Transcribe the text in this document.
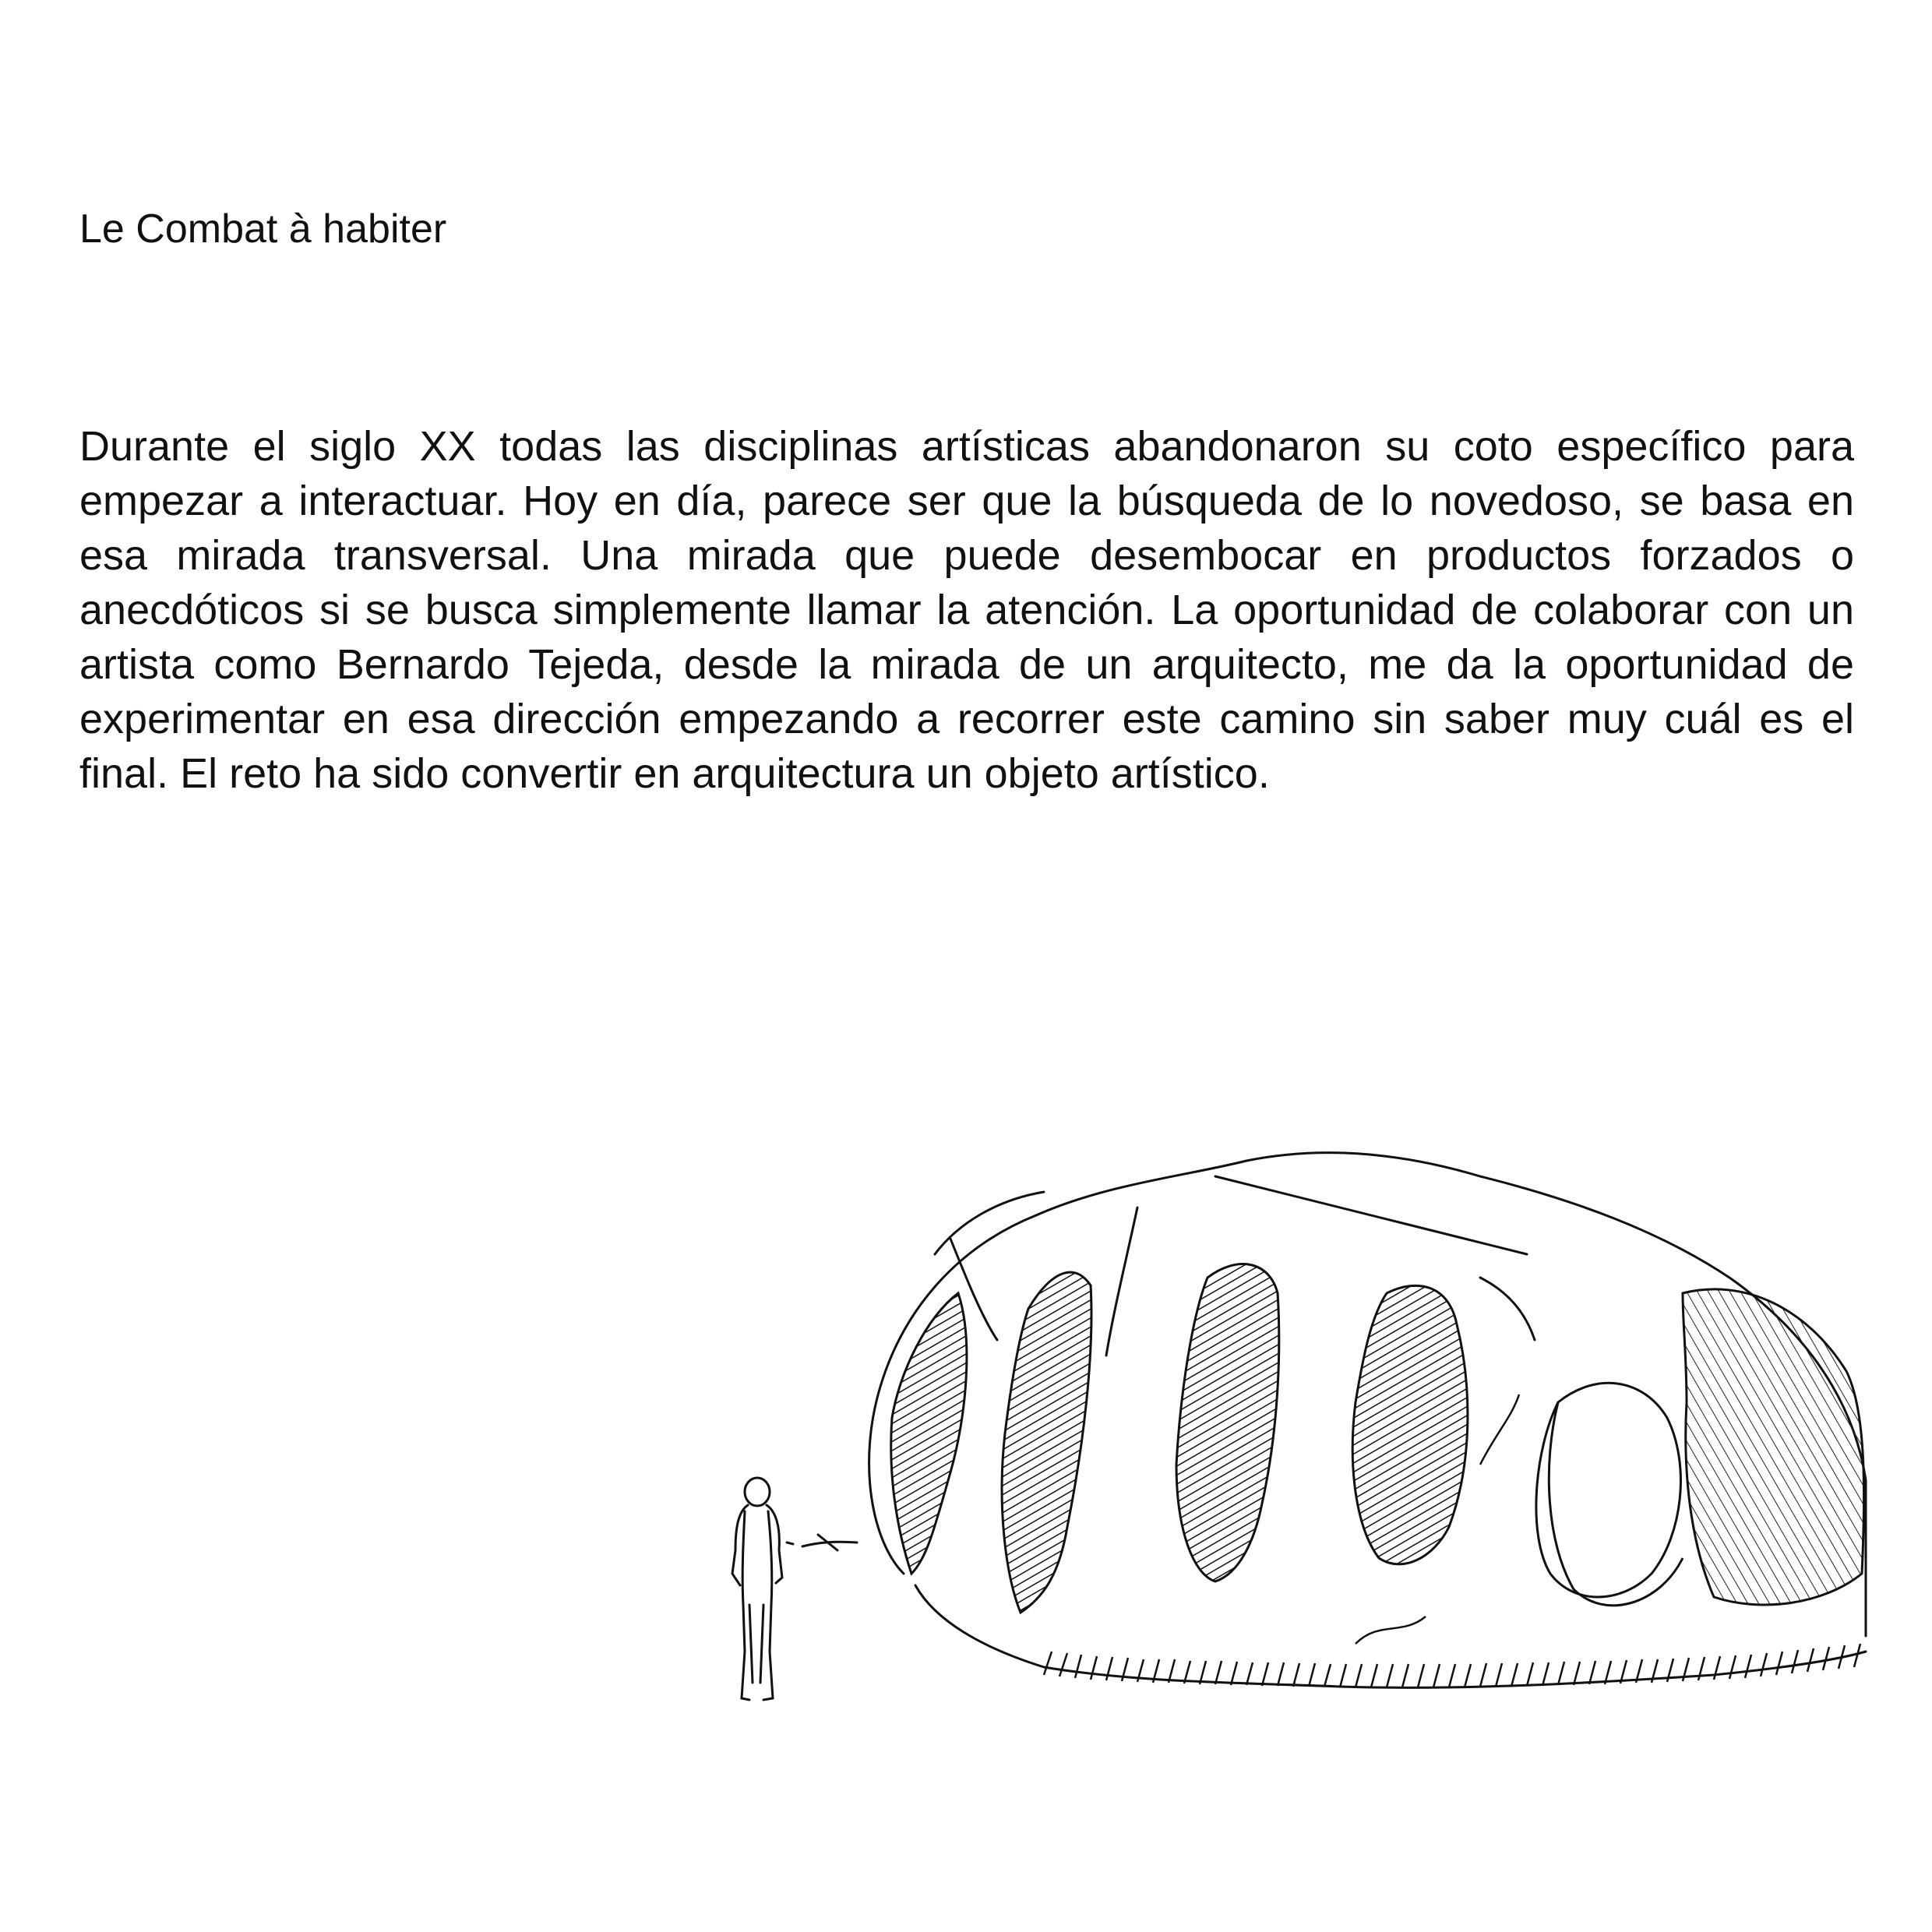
Le Combat à habiter

Durante el siglo XX todas las disciplinas artísticas abandonaron su coto específico para empezar a interactuar. Hoy en día, parece ser que la búsqueda de lo novedoso, se basa en esa mirada transversal. Una mirada que puede desembocar en productos forzados o anecdóticos si se busca simplemente llamar la atención. La oportunidad de colaborar con un artista como Bernardo Tejeda, desde la mirada de un arquitecto, me da la oportunidad de experimentar en esa dirección empezando a recorrer este camino sin saber muy cuál es el final. El reto ha sido convertir en arquitectura un objeto artístico.
